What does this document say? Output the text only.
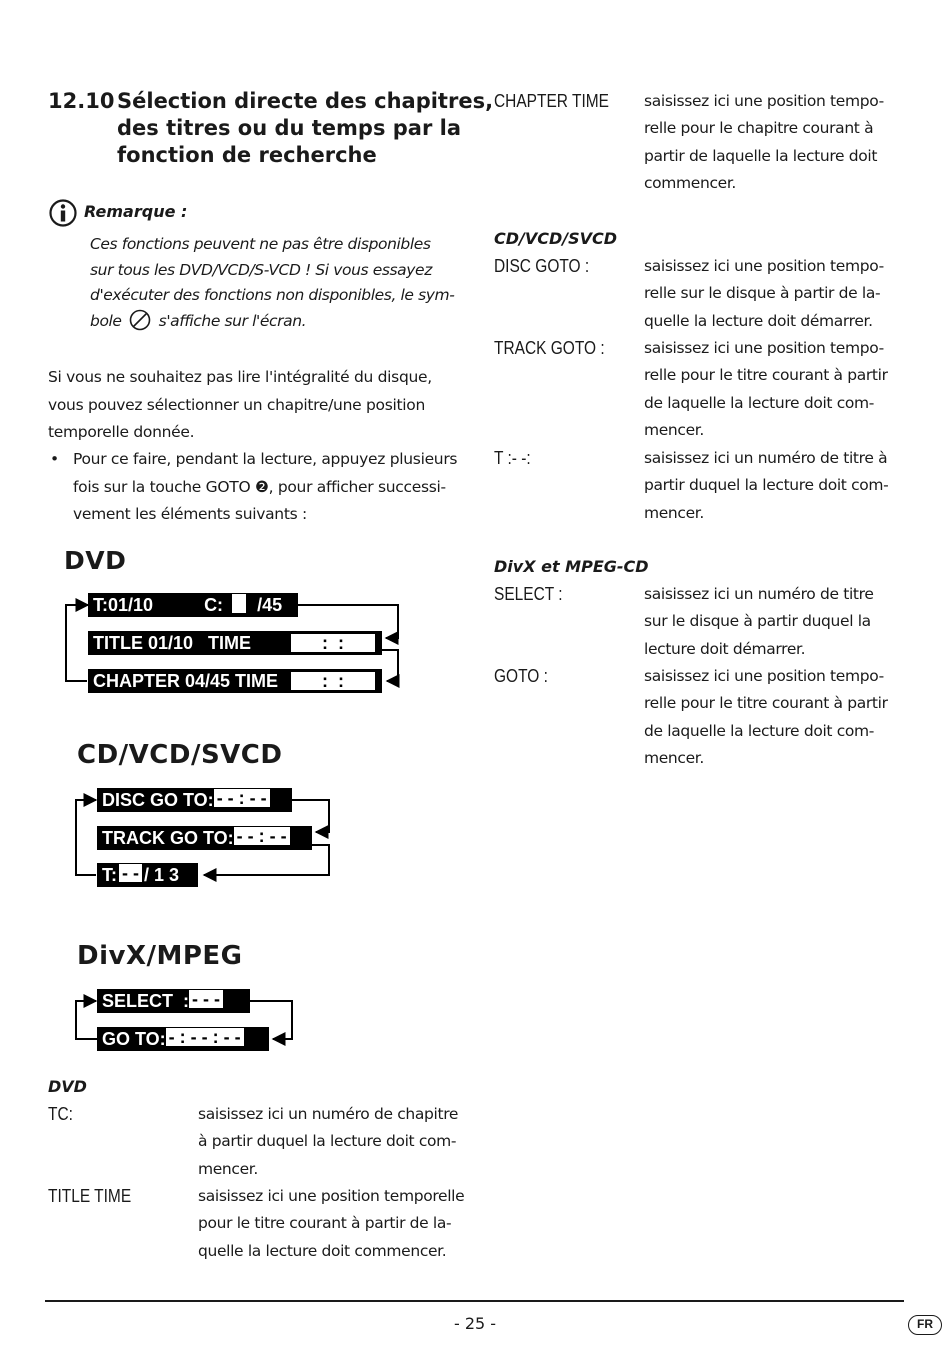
12.10 Sélection directe des chapitres,
des titres ou du temps par la
fonction de recherche
Remarque :
Ces fonctions peuvent ne pas être disponibles
sur tous les DVD/VCD/S-VCD ! Si vous essayez
d'exécuter des fonctions non disponibles, le sym-
bole s'affiche sur l'écran.
Si vous ne souhaitez pas lire l'intégralité du disque,
vous pouvez sélectionner un chapitre/une position
temporelle donnée.
• Pour ce faire, pendant la lecture, appuyez plusieurs
fois sur la touche GOTO ❷, pour afficher successi-
vement les éléments suivants :
DVD
T:01/10	C: /45
TITLE 01/10   TIME	:  :
CHAPTER 04/45 TIME	:  :
CD/VCD/SVCD
DISC GO TO: - - : - -
TRACK GO TO: - - : - -
T: - - / 1 3
DivX/MPEG
SELECT  : - - -
GO TO: - : - - : - -
DVD
TC:	saisissez ici un numéro de chapitre
à partir duquel la lecture doit com-
mencer.
TITLE TIME	saisissez ici une position temporelle
pour le titre courant à partir de la-
quelle la lecture doit commencer.
CHAPTER TIME saisissez ici une position tempo-
relle pour le chapitre courant à
partir de laquelle la lecture doit
commencer.
CD/VCD/SVCD
DISC GOTO :	saisissez ici une position tempo-
relle sur le disque à partir de la-
quelle la lecture doit démarrer.
TRACK GOTO :	saisissez ici une position tempo-
relle pour le titre courant à partir
de laquelle la lecture doit com-
mencer.
T :- -:	saisissez ici un numéro de titre à
partir duquel la lecture doit com-
mencer.
DivX et MPEG-CD
SELECT :	saisissez ici un numéro de titre
sur le disque à partir duquel la
lecture doit démarrer.
GOTO :	saisissez ici une position tempo-
relle pour le titre courant à partir
de laquelle la lecture doit com-
mencer.
- 25 -	FR
